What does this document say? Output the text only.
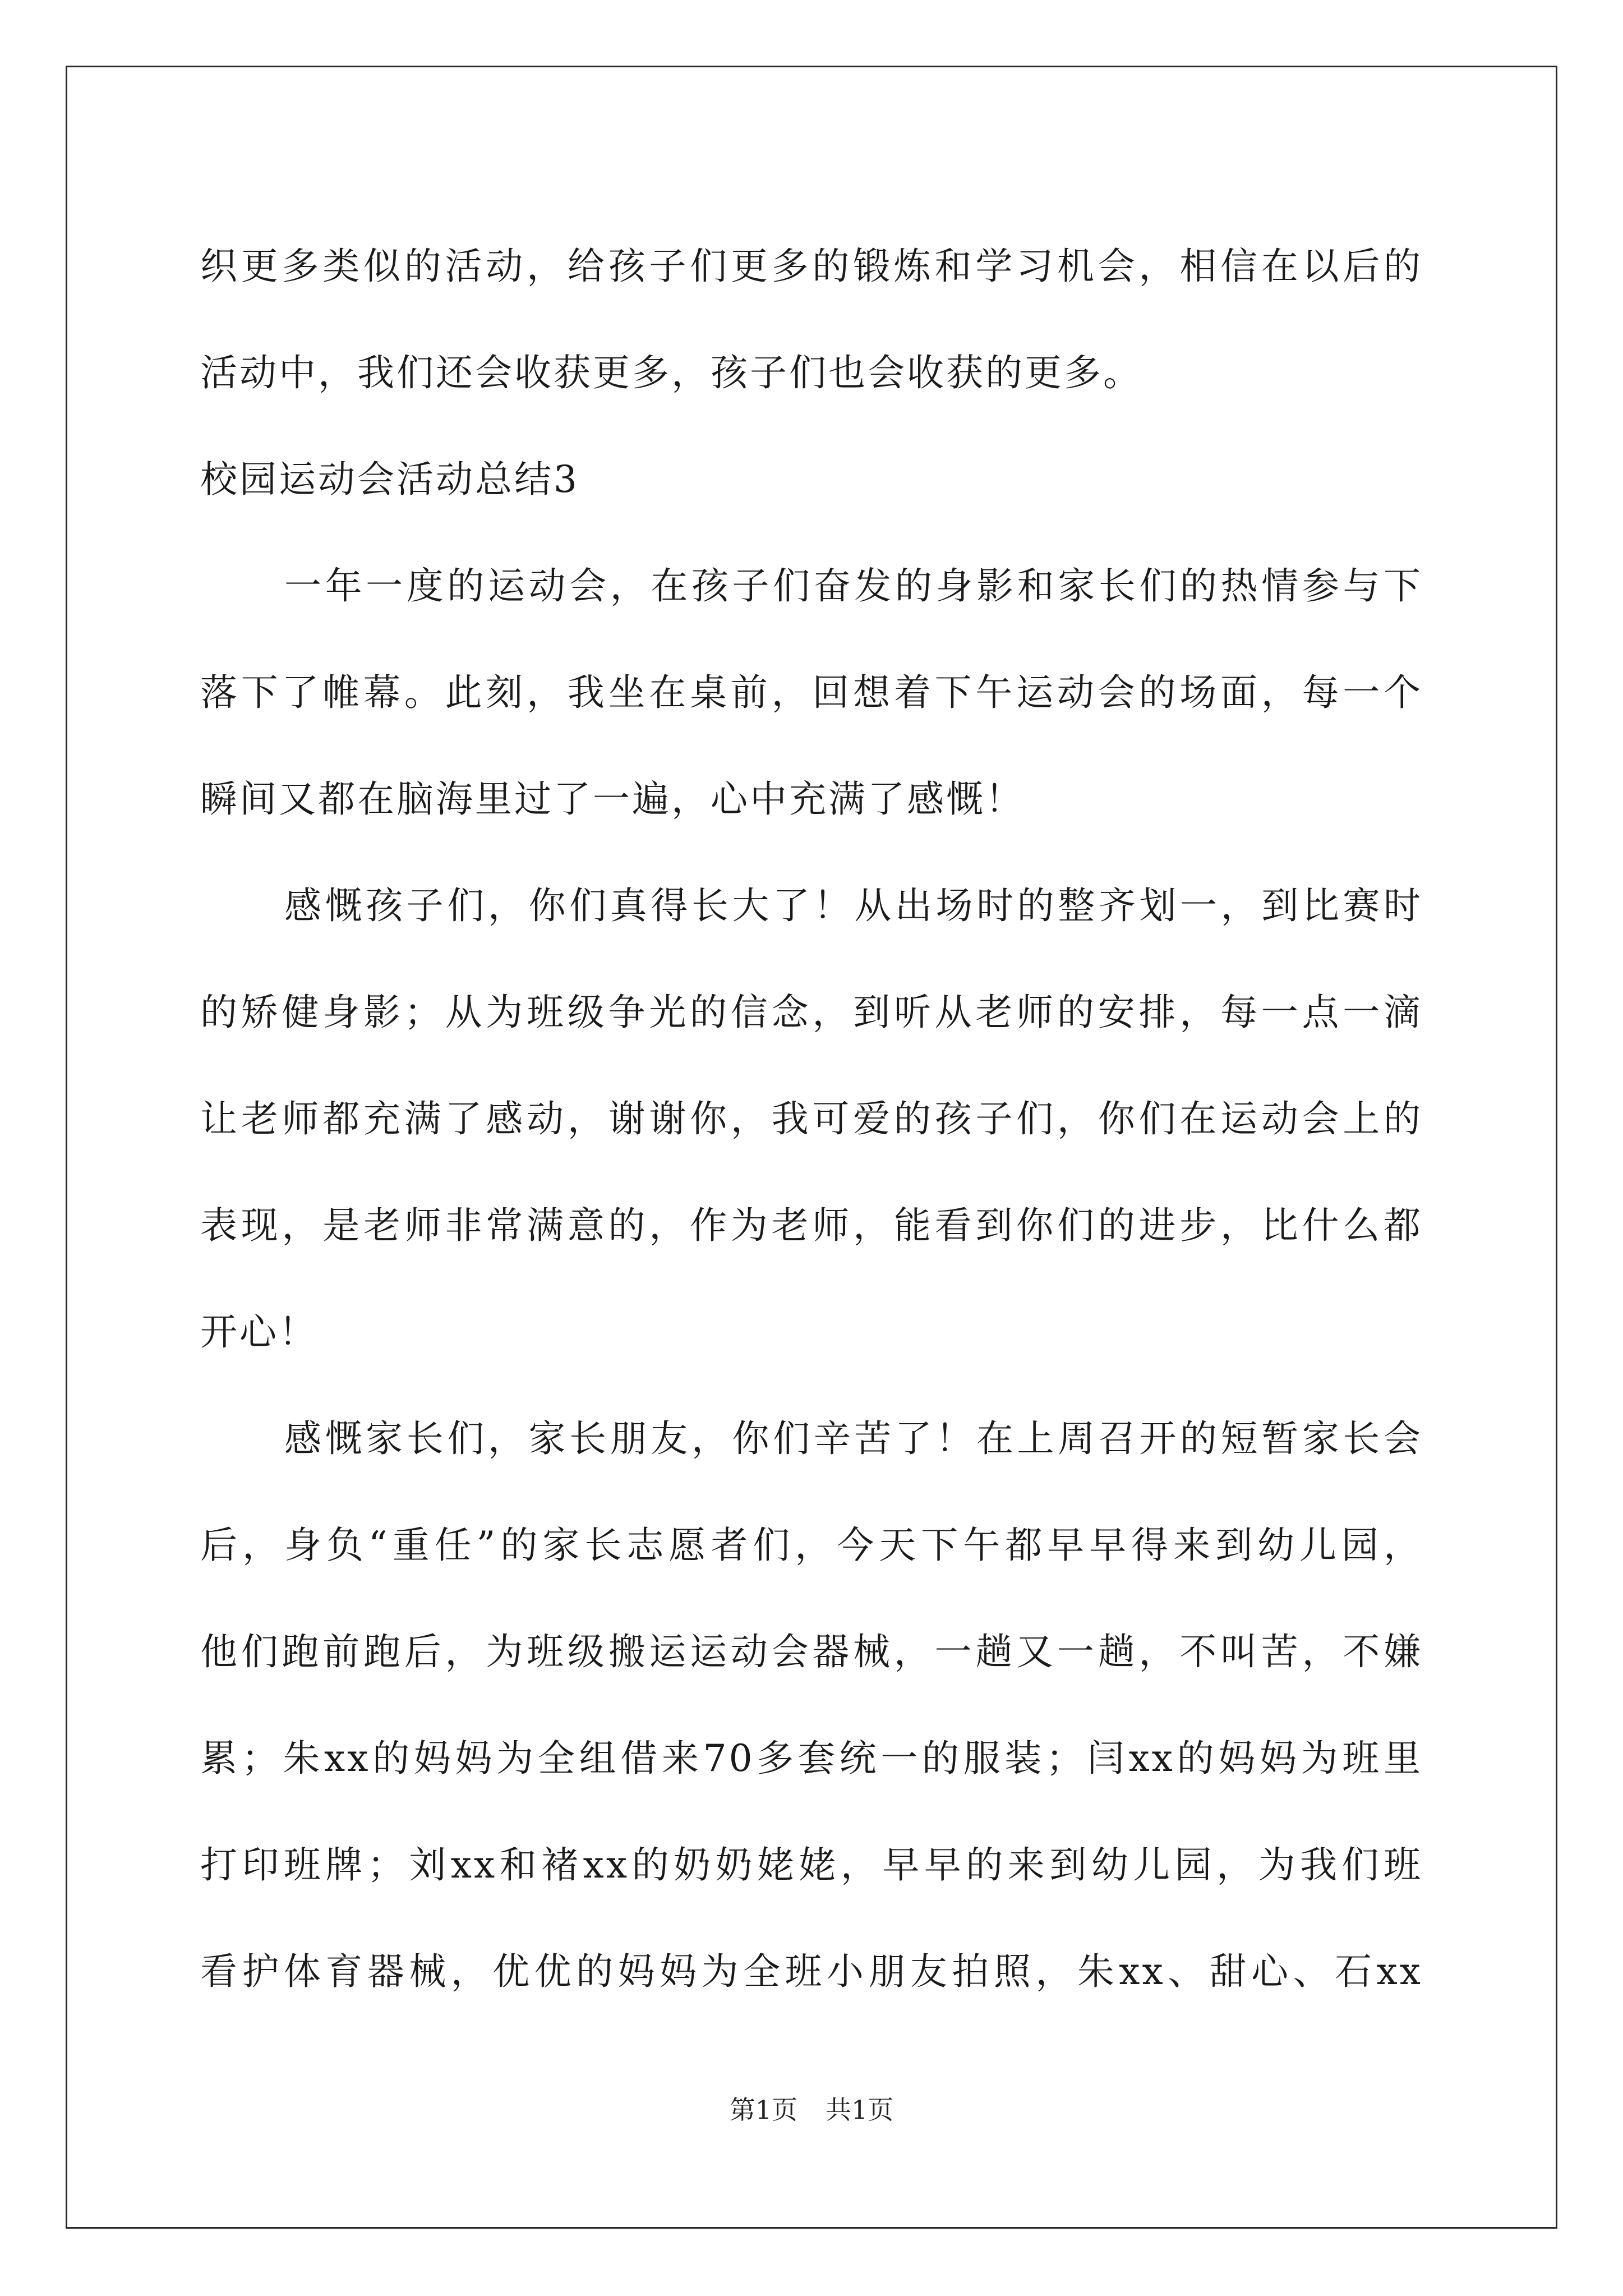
织更多类似的活动，给孩子们更多的锻炼和学习机会，相信在以后的
活动中，我们还会收获更多，孩子们也会收获的更多。
校园运动会活动总结3
一年一度的运动会，在孩子们奋发的身影和家长们的热情参与下
落下了帷幕。此刻，我坐在桌前，回想着下午运动会的场面，每一个
瞬间又都在脑海里过了一遍，心中充满了感慨！
感慨孩子们，你们真得长大了！从出场时的整齐划一，到比赛时
的矫健身影；从为班级争光的信念，到听从老师的安排，每一点一滴
让老师都充满了感动，谢谢你，我可爱的孩子们，你们在运动会上的
表现，是老师非常满意的，作为老师，能看到你们的进步，比什么都
开心！
感慨家长们，家长朋友，你们辛苦了！在上周召开的短暂家长会
后，身负“重任”的家长志愿者们，今天下午都早早得来到幼儿园，
他们跑前跑后，为班级搬运运动会器械，一趟又一趟，不叫苦，不嫌
累；朱xx的妈妈为全组借来70多套统一的服装；闫xx的妈妈为班里
打印班牌；刘xx和褚xx的奶奶姥姥，早早的来到幼儿园，为我们班
看护体育器械，优优的妈妈为全班小朋友拍照，朱xx、甜心、石xx
第1页 共1页
